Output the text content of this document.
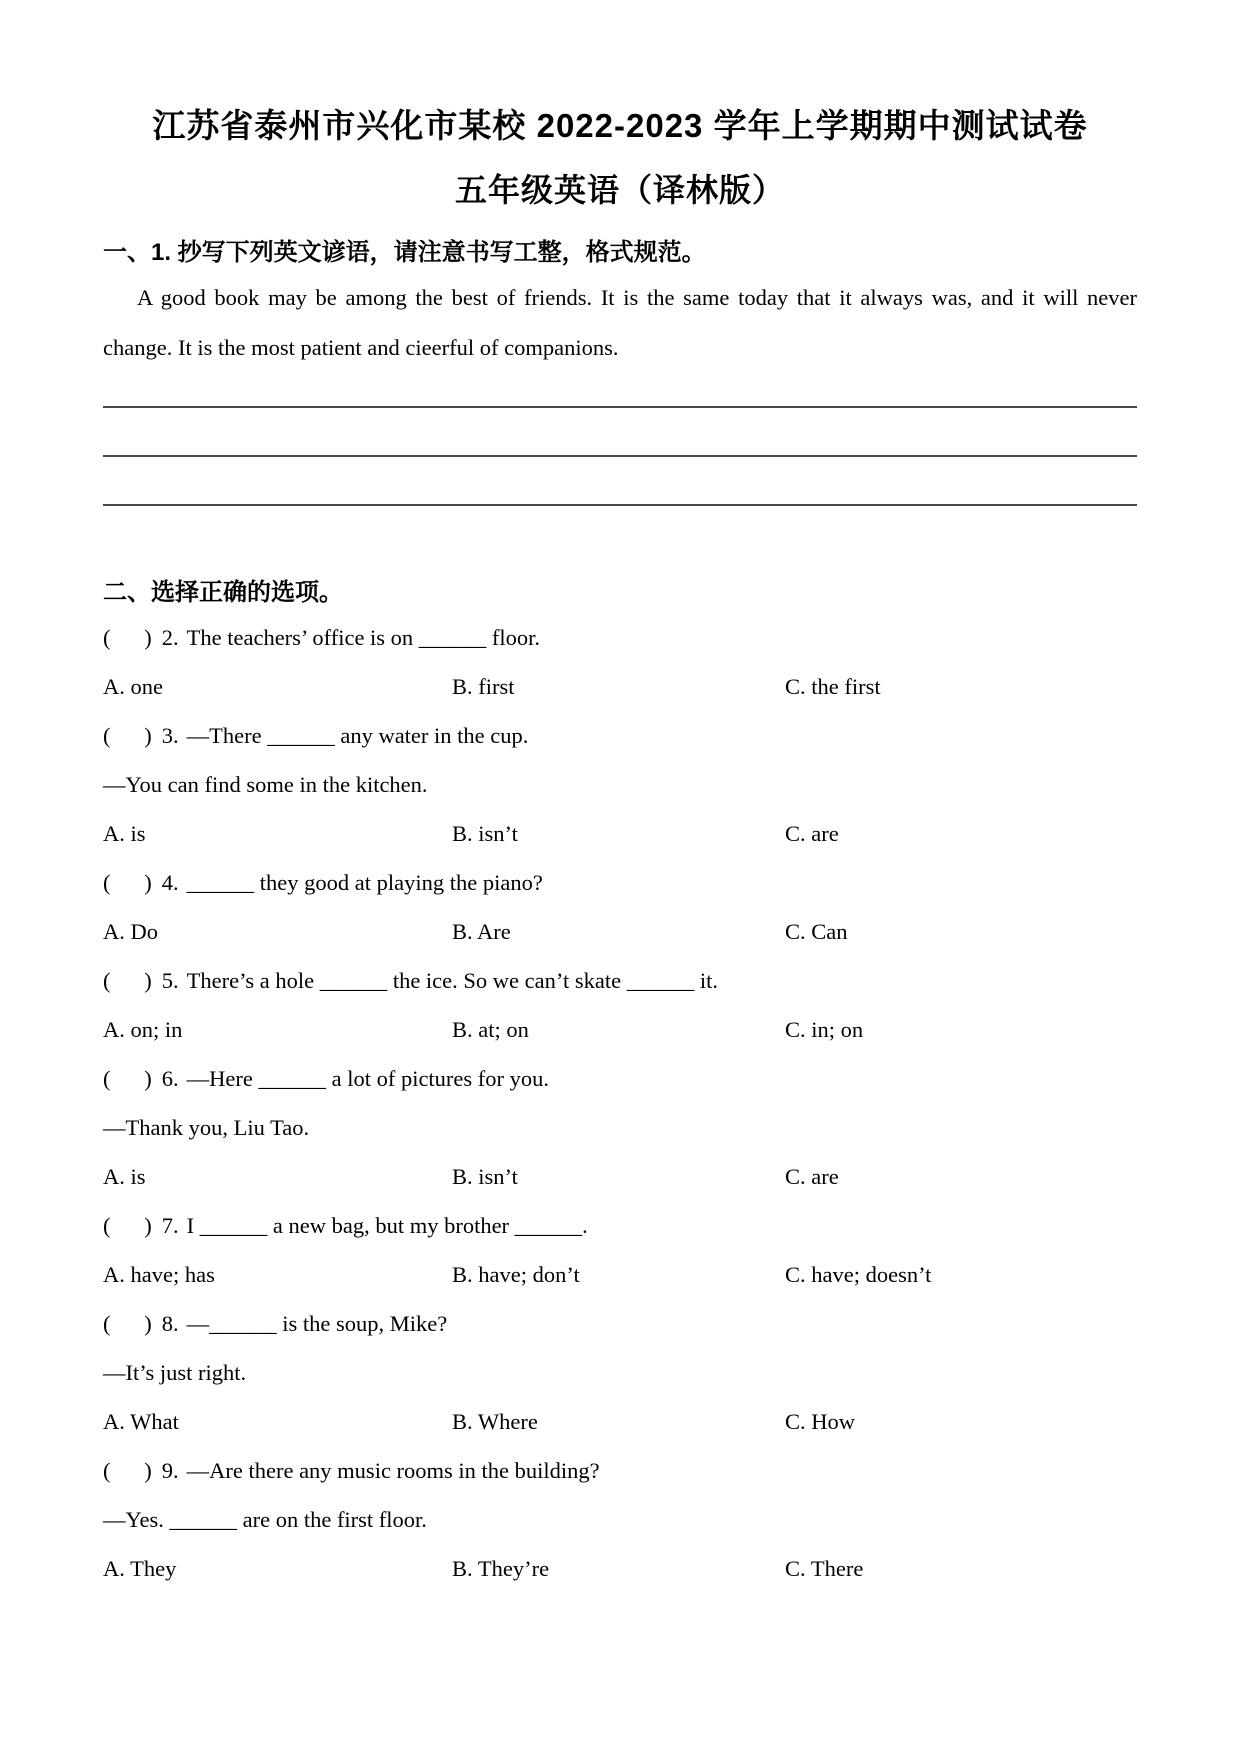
江苏省泰州市兴化市某校 2022-2023 学年上学期期中测试试卷
五年级英语（译林版）
一、1. 抄写下列英文谚语，请注意书写工整，格式规范。

A good book may be among the best of friends. It is the same today that it always was, and it will never change. It is the most patient and cieerful of companions.

二、选择正确的选项。
(      ) 2. The teachers’ office is on ______ floor.
A. one	B. first	C. the first
(      ) 3. —There ______ any water in the cup.
—You can find some in the kitchen.
A. is	B. isn’t	C. are
(      ) 4. ______ they good at playing the piano?
A. Do	B. Are	C. Can
(      ) 5. There’s a hole ______ the ice. So we can’t skate ______ it.
A. on; in	B. at; on	C. in; on
(      ) 6. —Here ______ a lot of pictures for you.
—Thank you, Liu Tao.
A. is	B. isn’t	C. are
(      ) 7. I ______ a new bag, but my brother ______.
A. have; has	B. have; don’t	C. have; doesn’t
(      ) 8. —______ is the soup, Mike?
—It’s just right.
A. What	B. Where	C. How
(      ) 9. —Are there any music rooms in the building?
—Yes. ______ are on the first floor.
A. They	B. They’re	C. There
